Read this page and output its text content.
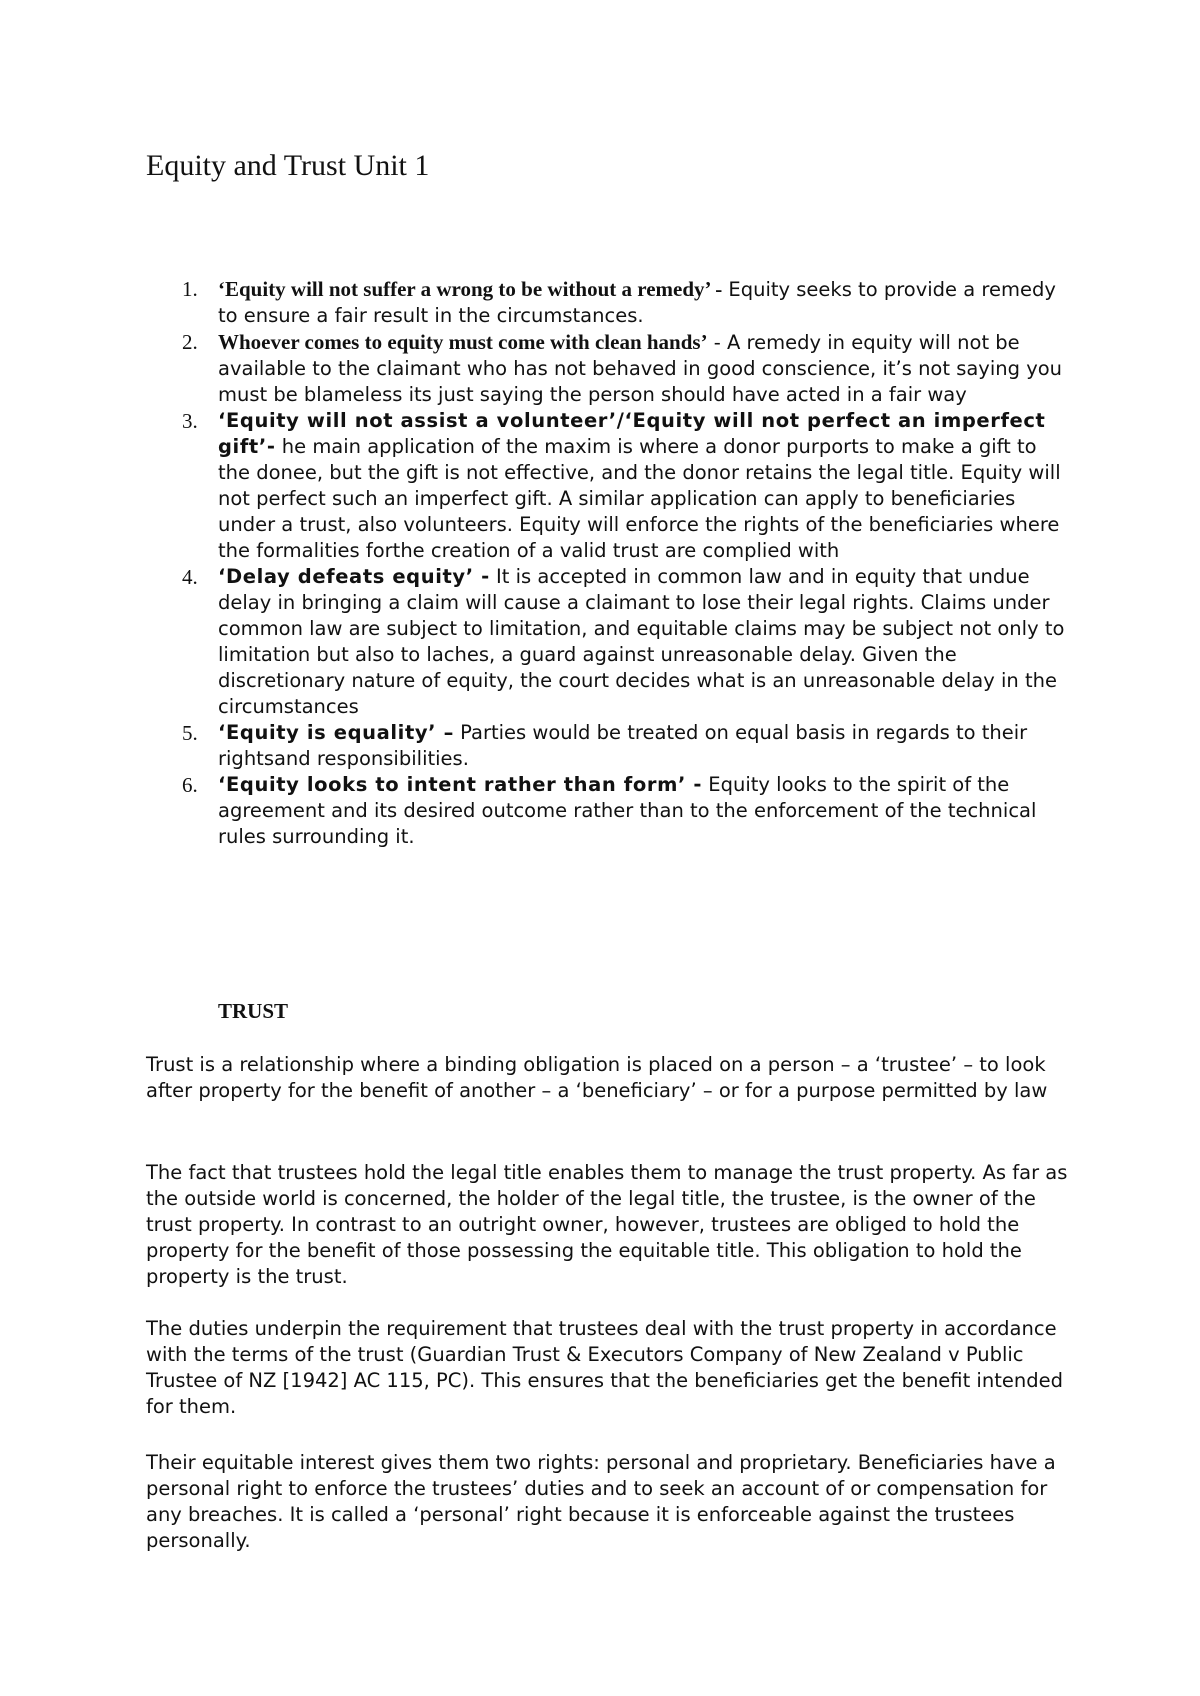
Equity and Trust Unit 1
1. ‘Equity will not suffer a wrong to be without a remedy’ - Equity seeks to provide a remedy to ensure a fair result in the circumstances.
2. Whoever comes to equity must come with clean hands’ - A remedy in equity will not be available to the claimant who has not behaved in good conscience, it’s not saying you must be blameless its just saying the person should have acted in a fair way
3. ‘Equity will not assist a volunteer’/‘Equity will not perfect an imperfect gift’- he main application of the maxim is where a donor purports to make a gift to the donee, but the gift is not effective, and the donor retains the legal title. Equity will not perfect such an imperfect gift. A similar application can apply to beneficiaries under a trust, also volunteers. Equity will enforce the rights of the beneficiaries where the formalities forthe creation of a valid trust are complied with
4. ‘Delay defeats equity’ - It is accepted in common law and in equity that undue delay in bringing a claim will cause a claimant to lose their legal rights. Claims under common law are subject to limitation, and equitable claims may be subject not only to limitation but also to laches, a guard against unreasonable delay. Given the discretionary nature of equity, the court decides what is an unreasonable delay in the circumstances
5. ‘Equity is equality’ – Parties would be treated on equal basis in regards to their rightsand responsibilities.
6. ‘Equity looks to intent rather than form’ - Equity looks to the spirit of the agreement and its desired outcome rather than to the enforcement of the technical rules surrounding it.
TRUST

Trust is a relationship where a binding obligation is placed on a person – a ‘trustee’ – to look after property for the benefit of another – a ‘beneficiary’ – or for a purpose permitted by law

The fact that trustees hold the legal title enables them to manage the trust property. As far as the outside world is concerned, the holder of the legal title, the trustee, is the owner of the trust property. In contrast to an outright owner, however, trustees are obliged to hold the property for the benefit of those possessing the equitable title. This obligation to hold the property is the trust.

The duties underpin the requirement that trustees deal with the trust property in accordance with the terms of the trust (Guardian Trust & Executors Company of New Zealand v Public Trustee of NZ [1942] AC 115, PC). This ensures that the beneficiaries get the benefit intended for them.

Their equitable interest gives them two rights: personal and proprietary. Beneficiaries have a personal right to enforce the trustees’ duties and to seek an account of or compensation for any breaches. It is called a ‘personal’ right because it is enforceable against the trustees personally.
